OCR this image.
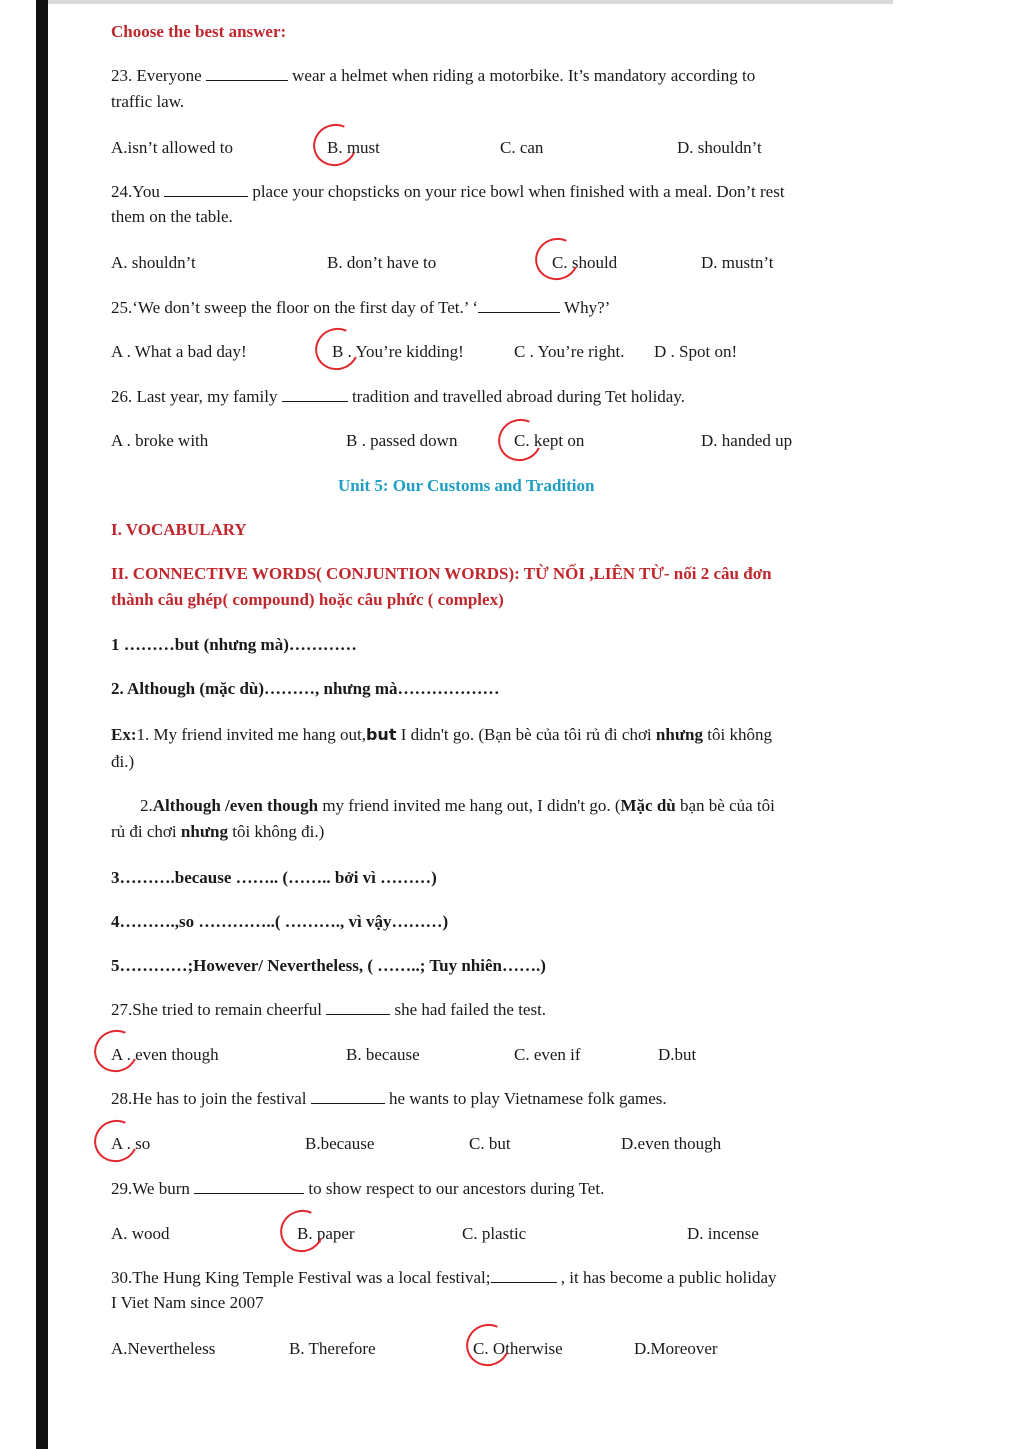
Choose the best answer:
23. Everyone	wear a helmet when riding a motorbike. It’s mandatory according to
traffic law.
A.isn’t allowed to	B. must	C. can	D. shouldn’t
24.You	place your chopsticks on your rice bowl when finished with a meal. Don’t rest
them on the table.
A. shouldn’t	B. don’t have to	C. should	D. mustn’t
25.‘We don’t sweep the floor on the first day of Tet.’ ‘	Why?’
A . What a bad day!	B . You’re kidding!	C . You’re right. D . Spot on!
26. Last year, my family	tradition and travelled abroad during Tet holiday.
A . broke with	B . passed down	C. kept on	D. handed up
Unit 5: Our Customs and Tradition
I. VOCABULARY
II. CONNECTIVE WORDS( CONJUNTION WORDS): TỪ NỐI ,LIÊN TỪ- nối 2 câu đơn
thành câu ghép( compound) hoặc câu phức ( complex)
1 ………but (nhưng mà)…………
2. Although (mặc dù)………, nhưng mà………………
Ex:1. My friend invited me hang out,but I didn't go. (Bạn bè của tôi rủ đi chơi nhưng tôi không
đi.)
2.Although /even though my friend invited me hang out, I didn't go. (Mặc dù bạn bè của tôi
rủ đi chơi nhưng tôi không đi.)
3……….because …….. (…….. bởi vì ………)
4……….,so …………..( ………., vì vậy………)
5…………;However/ Nevertheless, ( ……..; Tuy nhiên…….)
27.She tried to remain cheerful	she had failed the test.
A . even though	B. because	C. even if	D.but
28.He has to join the festival	he wants to play Vietnamese folk games.
A . so	B.because	C. but	D.even though
29.We burn	to show respect to our ancestors during Tet.
A. wood	B. paper	C. plastic	D. incense
30.The Hung King Temple Festival was a local festival;	, it has become a public holiday
I Viet Nam since 2007
A.Nevertheless	B. Therefore	C. Otherwise	D.Moreover
